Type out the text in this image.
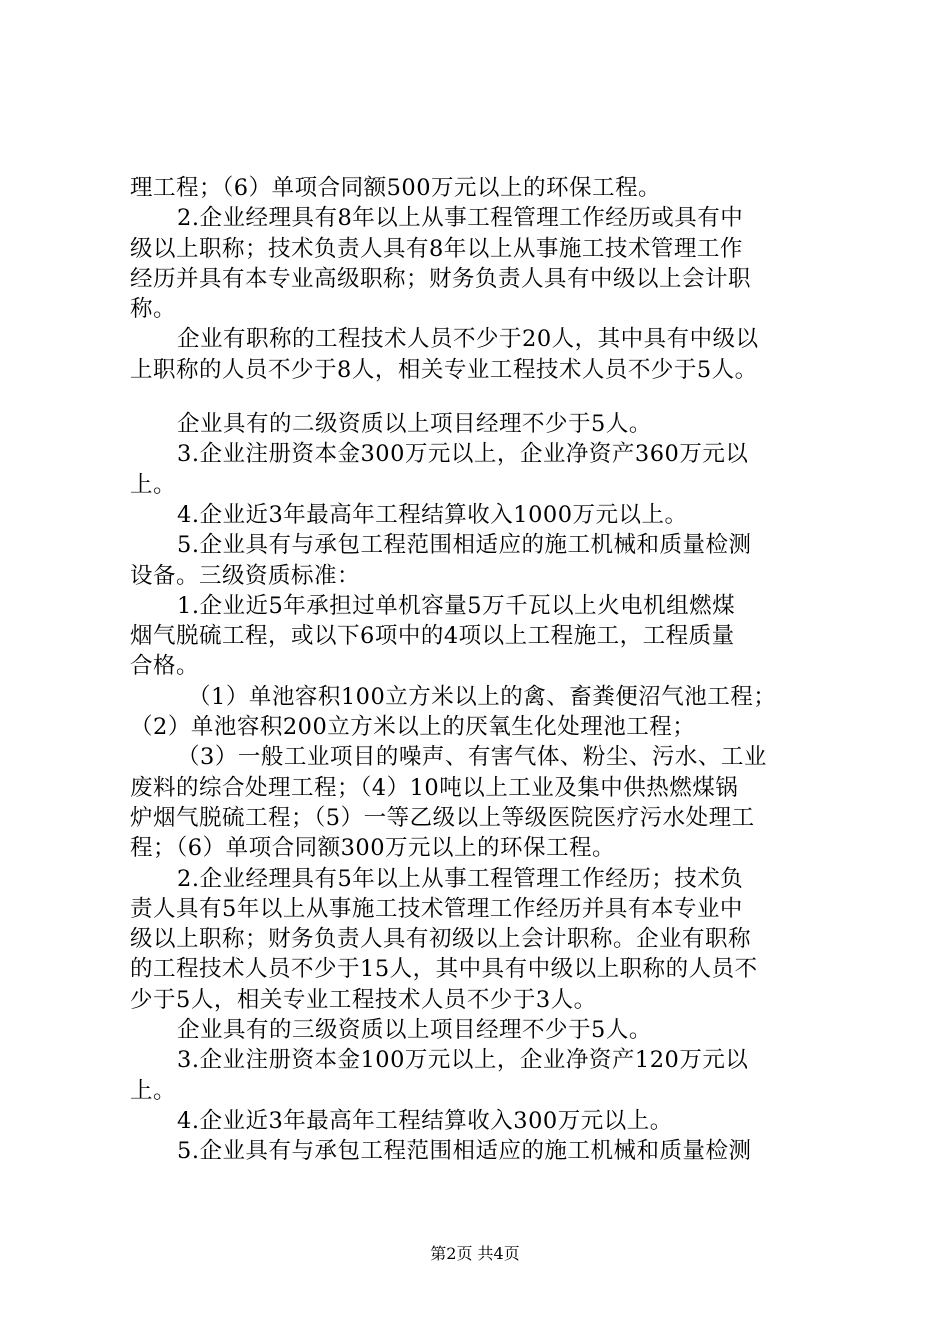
理工程；（6）单项合同额500万元以上的环保工程。
2.企业经理具有8年以上从事工程管理工作经历或具有中
级以上职称；技术负责人具有8年以上从事施工技术管理工作
经历并具有本专业高级职称；财务负责人具有中级以上会计职
称。
企业有职称的工程技术人员不少于20人，其中具有中级以
上职称的人员不少于8人，相关专业工程技术人员不少于5人。
企业具有的二级资质以上项目经理不少于5人。
3.企业注册资本金300万元以上，企业净资产360万元以
上。
4.企业近3年最高年工程结算收入1000万元以上。
5.企业具有与承包工程范围相适应的施工机械和质量检测
设备。三级资质标准：
1.企业近5年承担过单机容量5万千瓦以上火电机组燃煤
烟气脱硫工程，或以下6项中的4项以上工程施工，工程质量
合格。
（1）单池容积100立方米以上的禽、畜粪便沼气池工程；
（2）单池容积200立方米以上的厌氧生化处理池工程；
（3）一般工业项目的噪声、有害气体、粉尘、污水、工业
废料的综合处理工程；（4）10吨以上工业及集中供热燃煤锅
炉烟气脱硫工程；（5）一等乙级以上等级医院医疗污水处理工
程；（6）单项合同额300万元以上的环保工程。
2.企业经理具有5年以上从事工程管理工作经历；技术负
责人具有5年以上从事施工技术管理工作经历并具有本专业中
级以上职称；财务负责人具有初级以上会计职称。企业有职称
的工程技术人员不少于15人，其中具有中级以上职称的人员不
少于5人，相关专业工程技术人员不少于3人。
企业具有的三级资质以上项目经理不少于5人。
3.企业注册资本金100万元以上，企业净资产120万元以
上。
4.企业近3年最高年工程结算收入300万元以上。
5.企业具有与承包工程范围相适应的施工机械和质量检测
第2页 共4页
